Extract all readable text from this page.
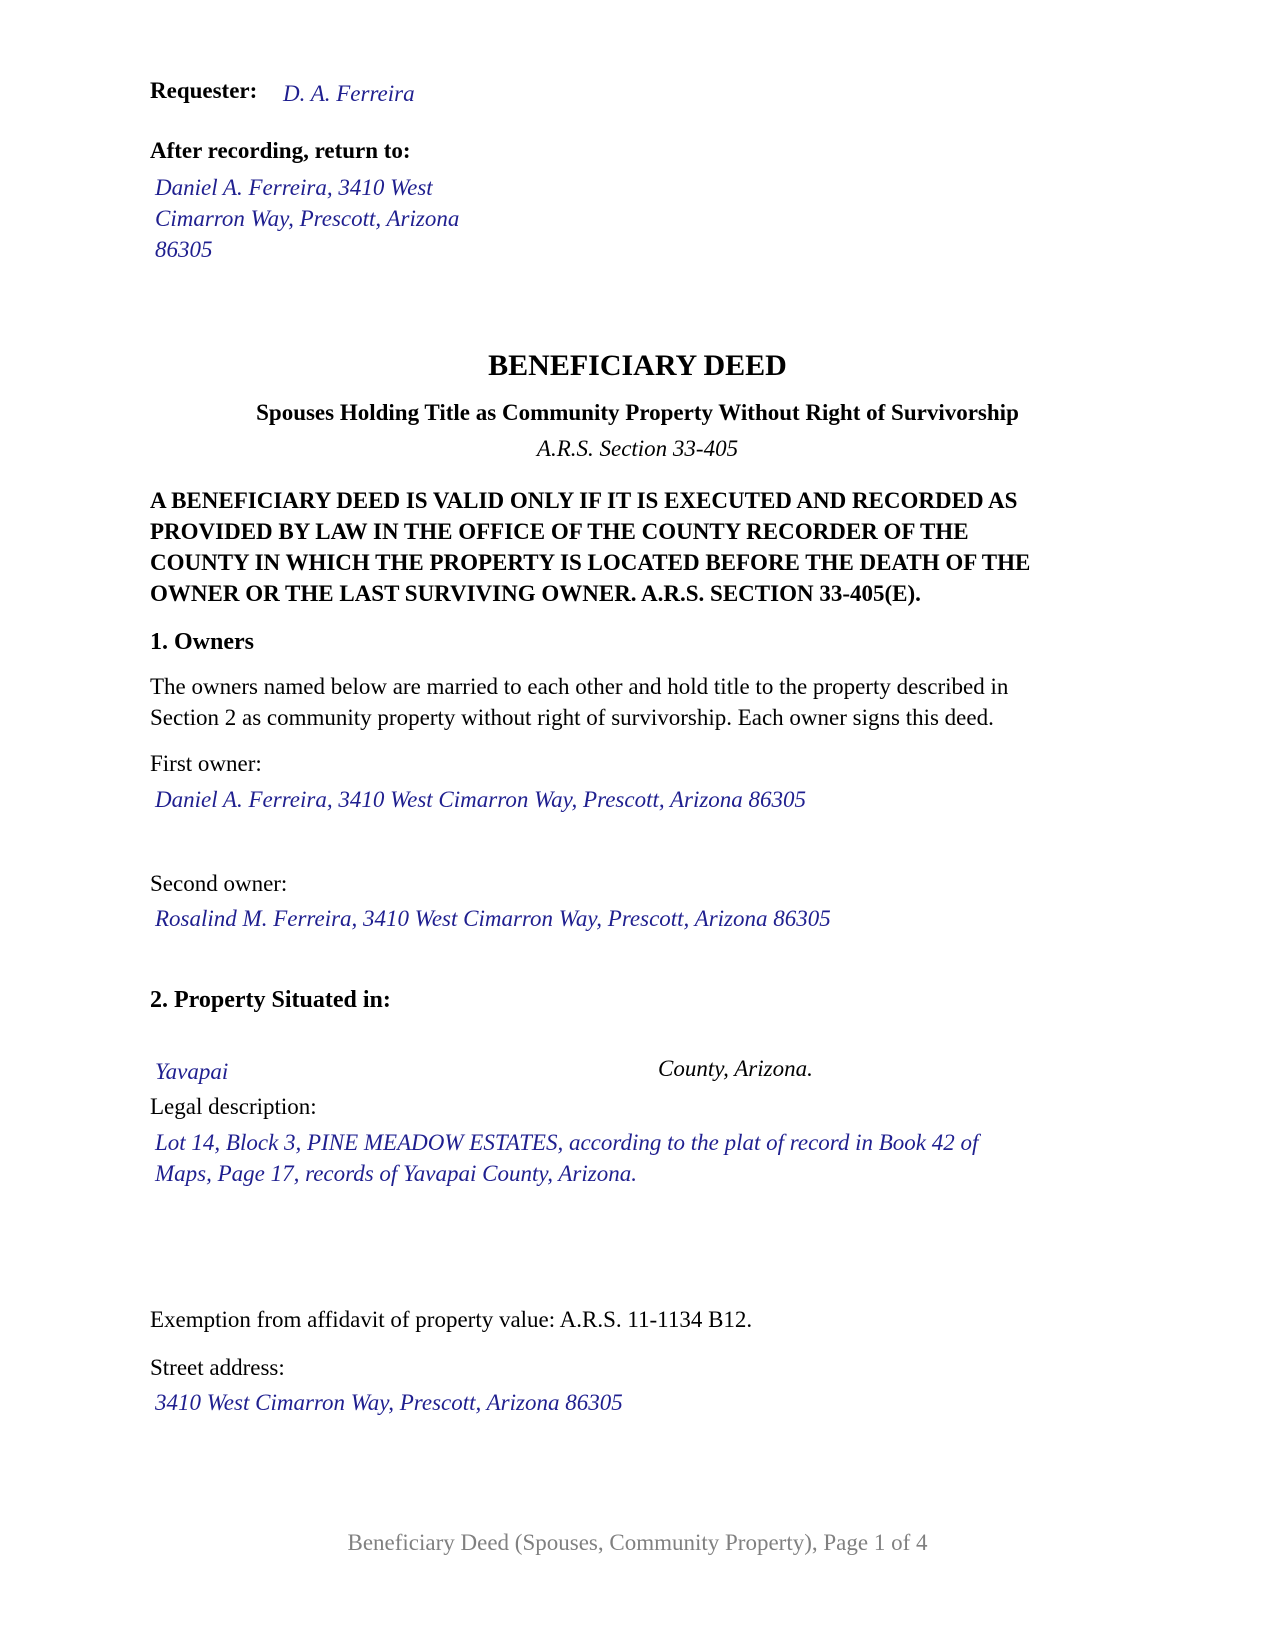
Requester: D. A. Ferreira
After recording, return to:
Daniel A. Ferreira, 3410 West
Cimarron Way, Prescott, Arizona
86305
BENEFICIARY DEED
Spouses Holding Title as Community Property Without Right of Survivorship
A.R.S. Section 33-405
A BENEFICIARY DEED IS VALID ONLY IF IT IS EXECUTED AND RECORDED AS
PROVIDED BY LAW IN THE OFFICE OF THE COUNTY RECORDER OF THE
COUNTY IN WHICH THE PROPERTY IS LOCATED BEFORE THE DEATH OF THE
OWNER OR THE LAST SURVIVING OWNER. A.R.S. SECTION 33-405(E).
1. Owners
The owners named below are married to each other and hold title to the property described in
Section 2 as community property without right of survivorship. Each owner signs this deed.
First owner:
Daniel A. Ferreira, 3410 West Cimarron Way, Prescott, Arizona 86305
Second owner:
Rosalind M. Ferreira, 3410 West Cimarron Way, Prescott, Arizona 86305
2. Property Situated in:
Yavapai	County, Arizona.
Legal description:
Lot 14, Block 3, PINE MEADOW ESTATES, according to the plat of record in Book 42 of
Maps, Page 17, records of Yavapai County, Arizona.
Exemption from affidavit of property value: A.R.S. 11-1134 B12.
Street address:
3410 West Cimarron Way, Prescott, Arizona 86305
Beneficiary Deed (Spouses, Community Property), Page 1 of 4
